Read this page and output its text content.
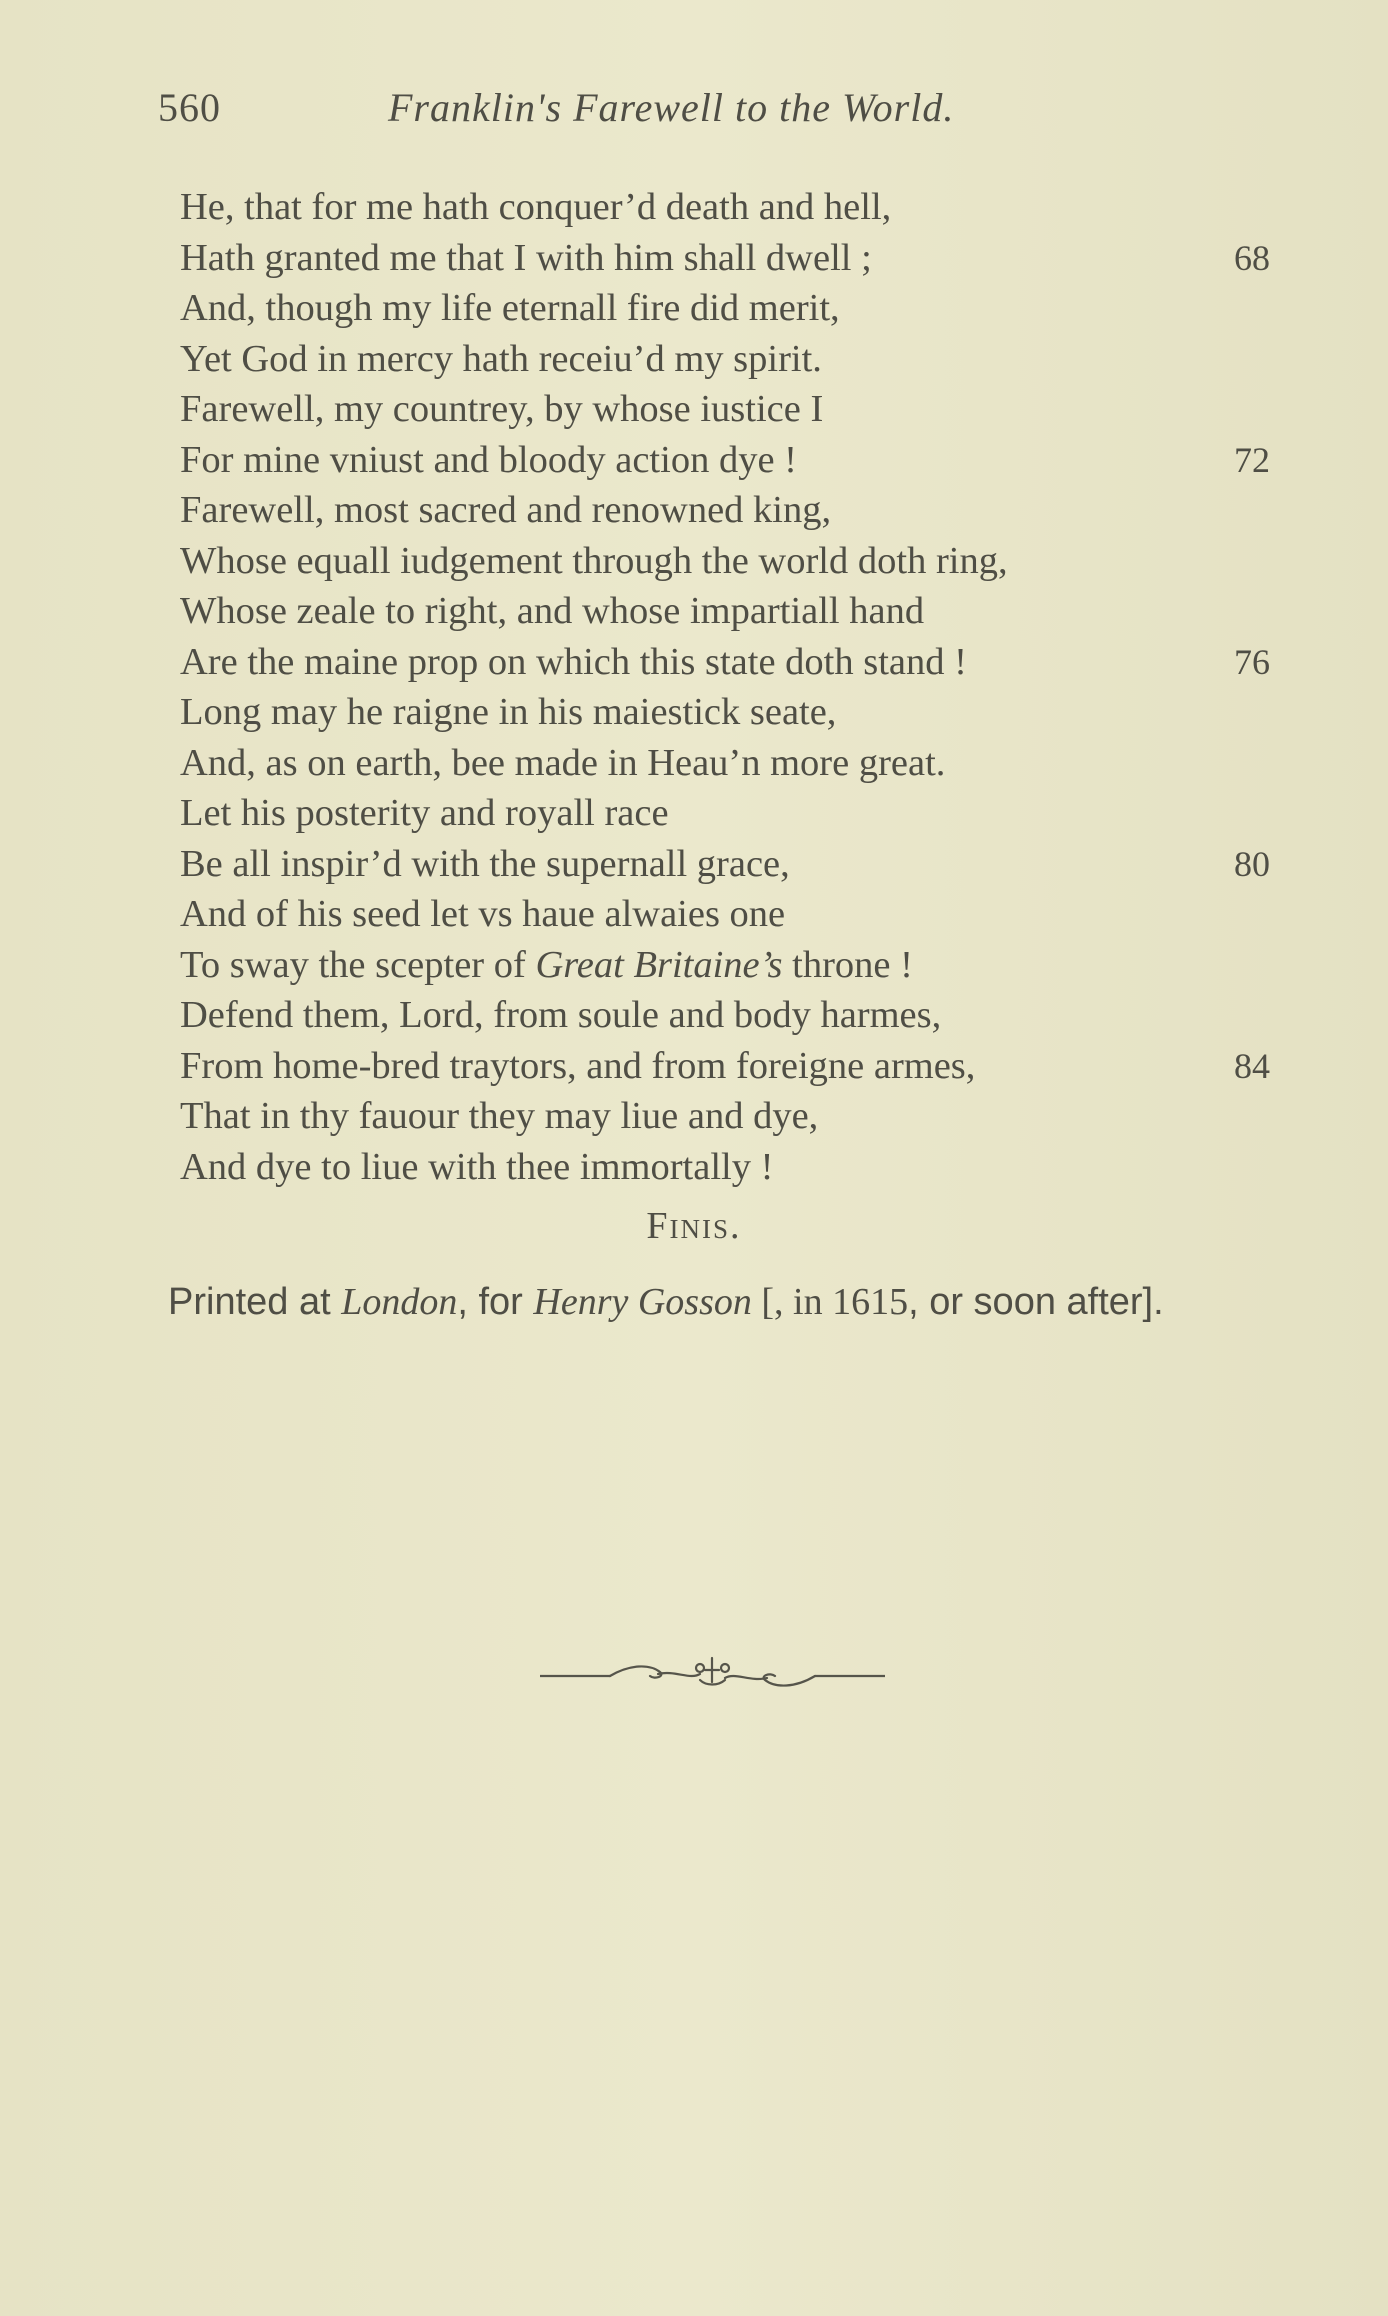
560	Franklin's Farewell to the World.
He, that for me hath conquer’d death and hell,
Hath granted me that I with him shall dwell ;	68
And, though my life eternall fire did merit,
Yet God in mercy hath receiu’d my spirit.
Farewell, my countrey, by whose iustice I
For mine vniust and bloody action dye !	72
Farewell, most sacred and renowned king,
Whose equall iudgement through the world doth ring,
Whose zeale to right, and whose impartiall hand
Are the maine prop on which this state doth stand !	76
Long may he raigne in his maiestick seate,
And, as on earth, bee made in Heau’n more great.
Let his posterity and royall race
Be all inspir’d with the supernall grace,	80
And of his seed let vs haue alwaies one
To sway the scepter of Great Britaine’s throne !
Defend them, Lord, from soule and body harmes,
From home-bred traytors, and from foreigne armes,	84
That in thy fauour they may liue and dye,
And dye to liue with thee immortally !
Finis.
Printed at London, for Henry Gosson [, in 1615, or soon after].
